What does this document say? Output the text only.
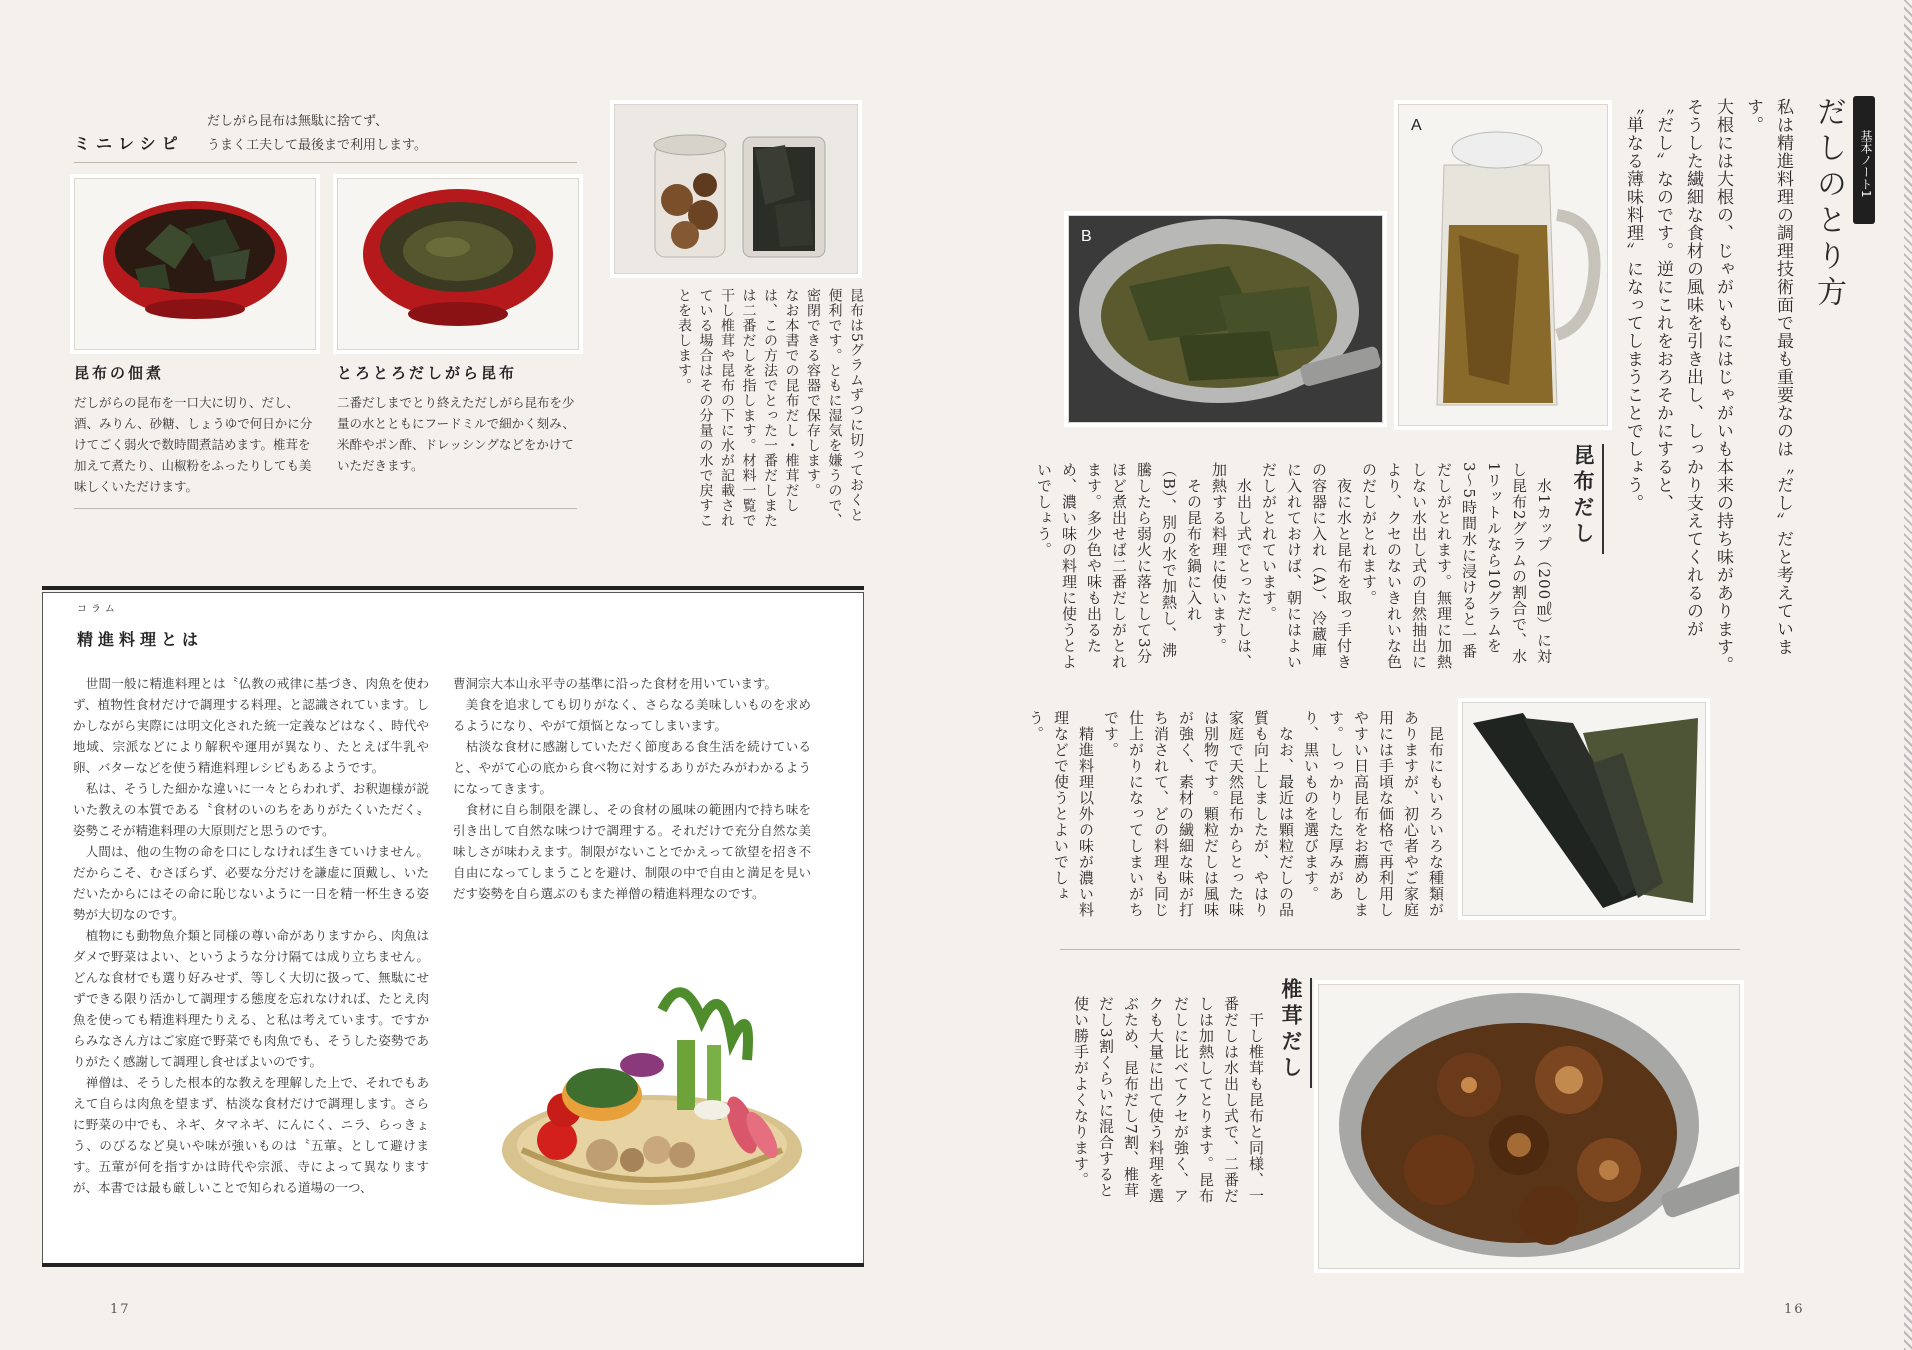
ミニレシピ
だしがら昆布は無駄に捨てず、
うまく工夫して最後まで利用します。
昆布の佃煮
だしがらの昆布を一口大に切り、だし、酒、みりん、砂糖、しょうゆで何日かに分けてごく弱火で数時間煮詰めます。椎茸を加えて煮たり、山椒粉をふったりしても美味しくいただけます。
とろとろだしがら昆布
二番だしまでとり終えただしがら昆布を少量の水とともにフードミルで細かく刻み、米酢やポン酢、ドレッシングなどをかけていただきます。	昆布は5グラムずつに切っておくと便利です。ともに湿気を嫌うので、密閉できる容器で保存します。
なお本書での昆布だし・椎茸だしは、この方法でとった一番だしまたは二番だしを指します。材料一覧で干し椎茸や昆布の下に水が記載されている場合はその分量の水で戻すことを表します。
コラム
精進料理とは
　世間一般に精進料理とは〝仏教の戒律に基づき、肉魚を使わず、植物性食材だけで調理する料理〟と認識されています。しかしながら実際には明文化された統一定義などはなく、時代や地域、宗派などにより解釈や運用が異なり、たとえば牛乳や卵、バターなどを使う精進料理レシピもあるようです。
　私は、そうした細かな違いに一々とらわれず、お釈迦様が説いた教えの本質である〝食材のいのちをありがたくいただく〟姿勢こそが精進料理の大原則だと思うのです。
　人間は、他の生物の命を口にしなければ生きていけません。だからこそ、むさぼらず、必要な分だけを謙虚に頂戴し、いただいたからにはその命に恥じないように一日を精一杯生きる姿勢が大切なのです。
　植物にも動物魚介類と同様の尊い命がありますから、肉魚はダメで野菜はよい、というような分け隔ては成り立ちません。どんな食材でも選り好みせず、等しく大切に扱って、無駄にせずできる限り活かして調理する態度を忘れなければ、たとえ肉魚を使っても精進料理たりえる、と私は考えています。ですからみなさん方はご家庭で野菜でも肉魚でも、そうした姿勢でありがたく感謝して調理し食せばよいのです。
　禅僧は、そうした根本的な教えを理解した上で、それでもあえて自らは肉魚を望まず、枯淡な食材だけで調理します。さらに野菜の中でも、ネギ、タマネギ、にんにく、ニラ、らっきょう、のびるなど臭いや味が強いものは〝五葷〟として避けます。五葷が何を指すかは時代や宗派、寺によって異なりますが、本書では最も厳しいことで知られる道場の一つ、
曹洞宗大本山永平寺の基準に沿った食材を用いています。
　美食を追求しても切りがなく、さらなる美味しいものを求めるようになり、やがて煩悩となってしまいます。
　枯淡な食材に感謝していただく節度ある食生活を続けていると、やがて心の底から食べ物に対するありがたみがわかるようになってきます。
　食材に自ら制限を課し、その食材の風味の範囲内で持ち味を引き出して自然な味つけで調理する。それだけで充分自然な美味しさが味わえます。制限がないことでかえって欲望を招き不自由になってしまうことを避け、制限の中で自由と満足を見いだす姿勢を自ら選ぶのもまた禅僧の精進料理なのです。
17
基本ノート1
だしのとり方
私は精進料理の調理技術面で最も重要なのは〝だし〟だと考えています。
大根には大根の、じゃがいもにはじゃがいも本来の持ち味があります。
そうした繊細な食材の風味を引き出し、しっかり支えてくれるのが
〝だし〟なのです。逆にこれをおろそかにすると、
〝単なる薄味料理〟になってしまうことでしょう。
A
B
昆布だし
　水1カップ（200㎖）に対し昆布2グラムの割合で、水1リットルなら10グラムを3〜5時間水に浸けると一番だしがとれます。無理に加熱しない水出し式の自然抽出により、クセのないきれいな色のだしがとれます。
　夜に水と昆布を取っ手付きの容器に入れ（A）、冷蔵庫に入れておけば、朝にはよいだしがとれています。
　水出し式でとっただしは、加熱する料理に使います。
　その昆布を鍋に入れ（B）、別の水で加熱し、沸騰したら弱火に落として3分ほど煮出せば二番だしがとれます。多少色や味も出るため、濃い味の料理に使うとよいでしょう。
　昆布にもいろいろな種類がありますが、初心者やご家庭用には手頃な価格で再利用しやすい日高昆布をお薦めします。しっかりした厚みがあり、黒いものを選びます。
　なお、最近は顆粒だしの品質も向上しましたが、やはり家庭で天然昆布からとった味は別物です。顆粒だしは風味が強く、素材の繊細な味が打ち消されて、どの料理も同じ仕上がりになってしまいがちです。
　精進料理以外の味が濃い料理などで使うとよいでしょう。
椎茸だし
　干し椎茸も昆布と同様、一番だしは水出し式で、二番だしは加熱してとります。昆布だしに比べてクセが強く、アクも大量に出て使う料理を選ぶため、昆布だし7割、椎茸だし3割くらいに混合すると使い勝手がよくなります。
16
